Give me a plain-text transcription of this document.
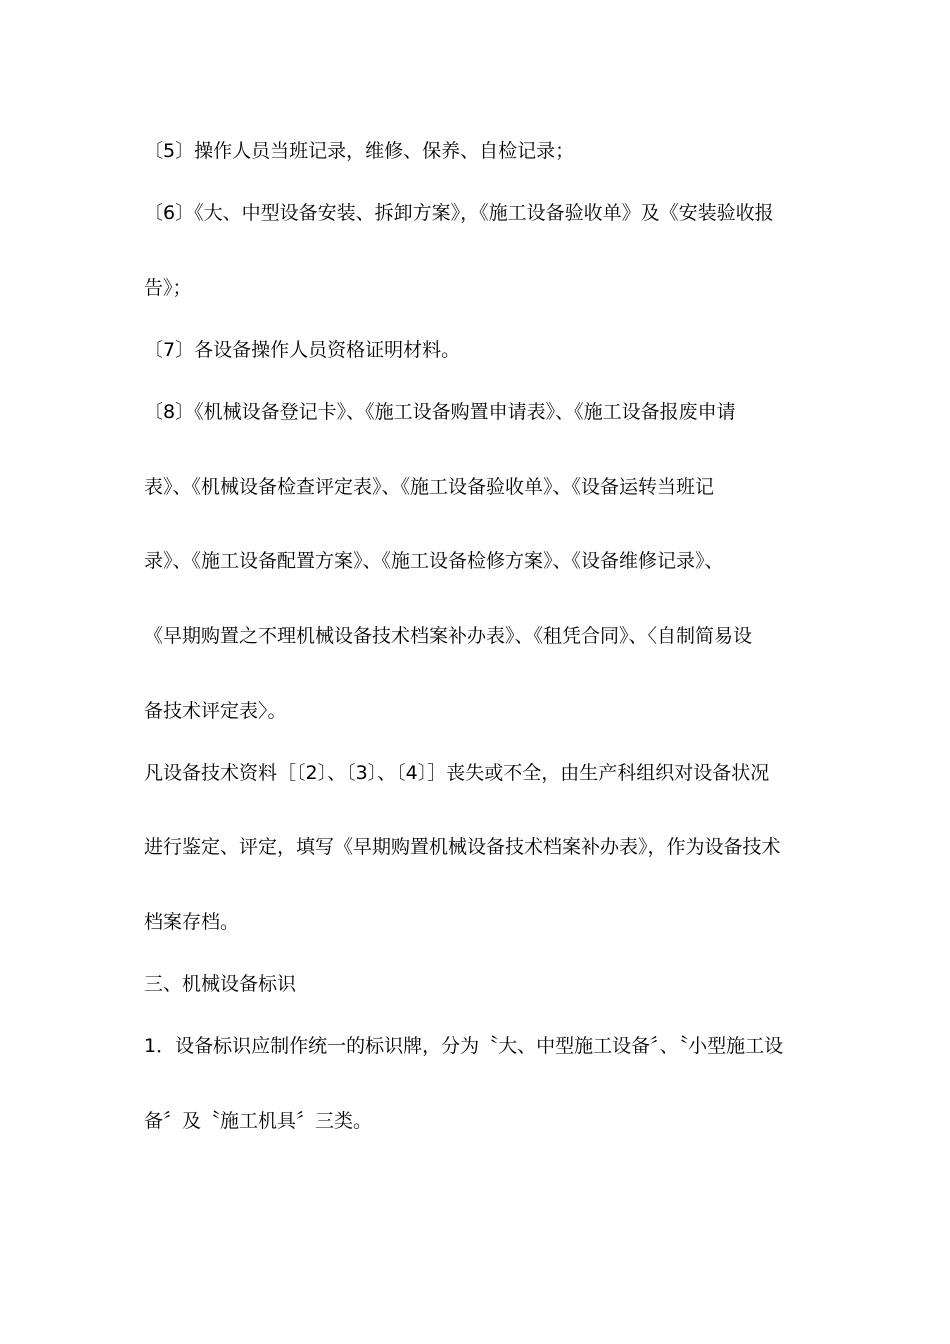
〔5〕操作人员当班记录，维修、保养、自检记录；
〔6〕《大、中型设备安装、拆卸方案》，《施工设备验收单》及《安装验收报
告》；
〔7〕各设备操作人员资格证明材料。
〔8〕《机械设备登记卡》、《施工设备购置申请表》、《施工设备报废申请
表》、《机械设备检查评定表》、《施工设备验收单》、《设备运转当班记
录》、《施工设备配置方案》、《施工设备检修方案》、《设备维修记录》、
《早期购置之不理机械设备技术档案补办表》、《租凭合同》、〈自制简易设
备技术评定表〉。
凡设备技术资料［〔2〕、〔3〕、〔4〕］丧失或不全，由生产科组织对设备状况
进行鉴定、评定，填写《早期购置机械设备技术档案补办表》，作为设备技术
档案存档。
三、机械设备标识
1．设备标识应制作统一的标识牌，分为〝大、中型施工设备〞、〝小型施工设
备〞及〝施工机具〞三类。
